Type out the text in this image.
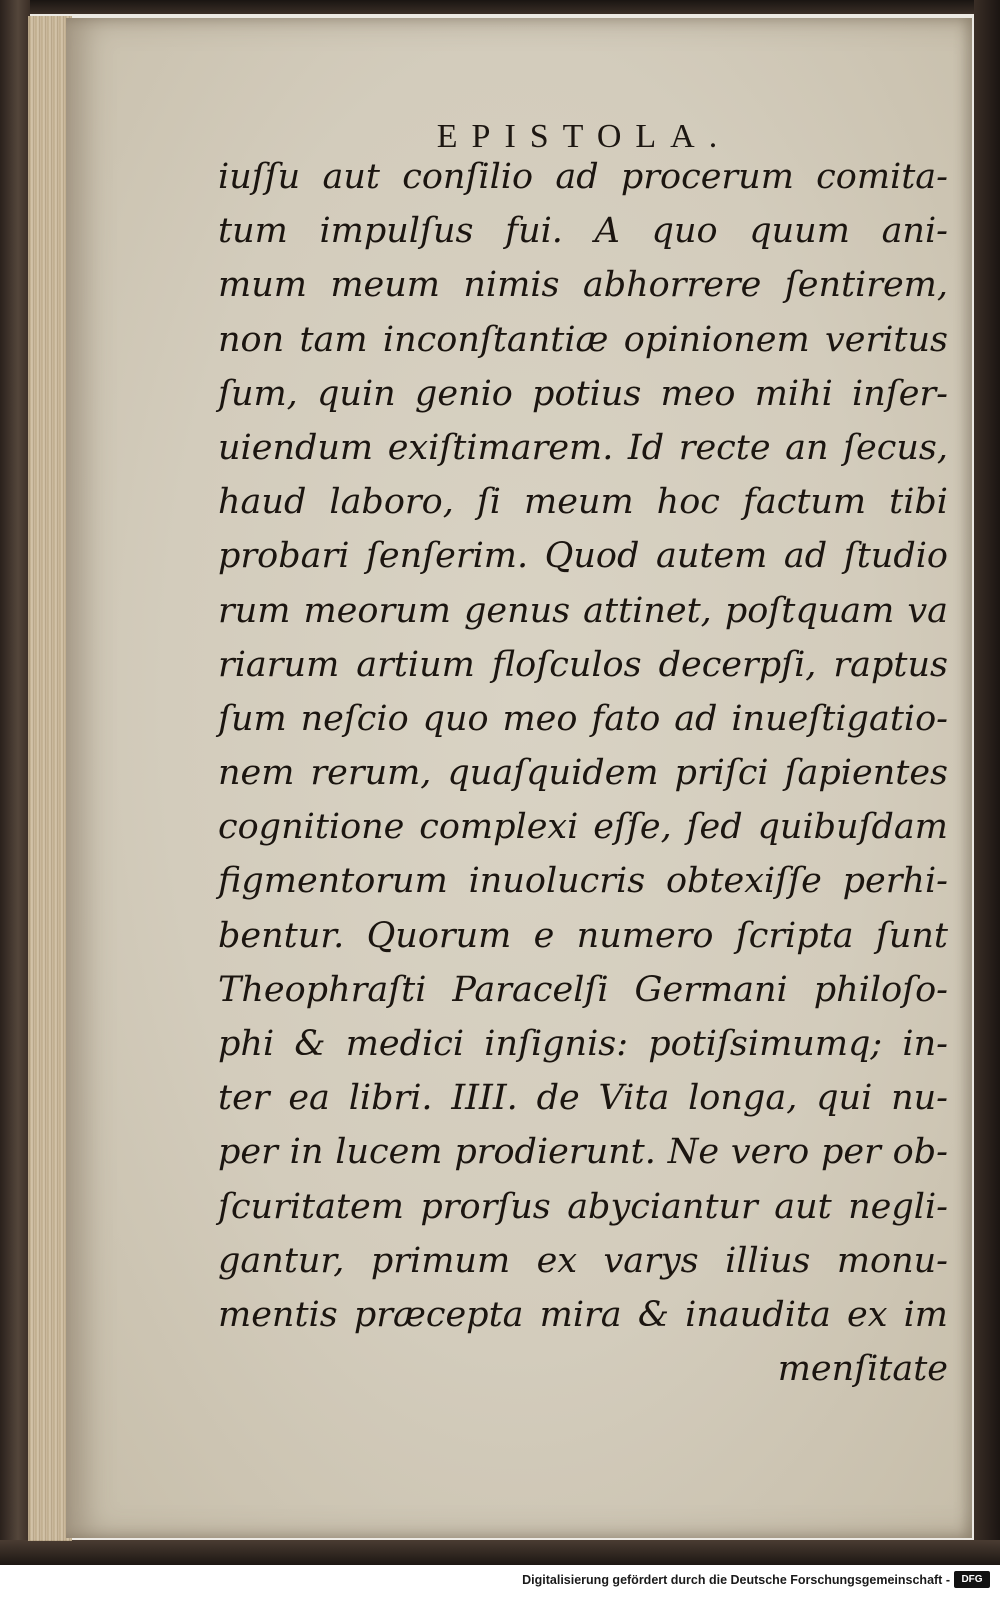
EPISTOLA.
iuſſu aut conſilio ad procerum comita-
tum impulſus fui. A quo quum ani-
mum meum nimis abhorrere ſentirem,
non tam inconſtantiæ opinionem veritus
ſum, quin genio potius meo mihi inſer-
uiendum exiſtimarem. Id recte an ſecus,
haud laboro, ſi meum hoc factum tibi
probari ſenſerim. Quod autem ad ſtudio
rum meorum genus attinet, poſtquam va
riarum artium floſculos decerpſi, raptus
ſum neſcio quo meo fato ad inueſtigatio-
nem rerum, quaſquidem priſci ſapientes
cognitione complexi eſſe, ſed quibuſdam
figmentorum inuolucris obtexiſſe perhi-
bentur. Quorum e numero ſcripta ſunt
Theophraſti Paracelſi Germani philoſo-
phi & medici inſignis: potiſsimumq; in-
ter ea libri. IIII. de Vita longa, qui nu-
per in lucem prodierunt. Ne vero per ob-
ſcuritatem prorſus abyciantur aut negli-
gantur, primum ex varys illius monu-
mentis præcepta mira & inaudita ex im
menſitate
Digitalisierung gefördert durch die Deutsche Forschungsgemeinschaft -	DFG
